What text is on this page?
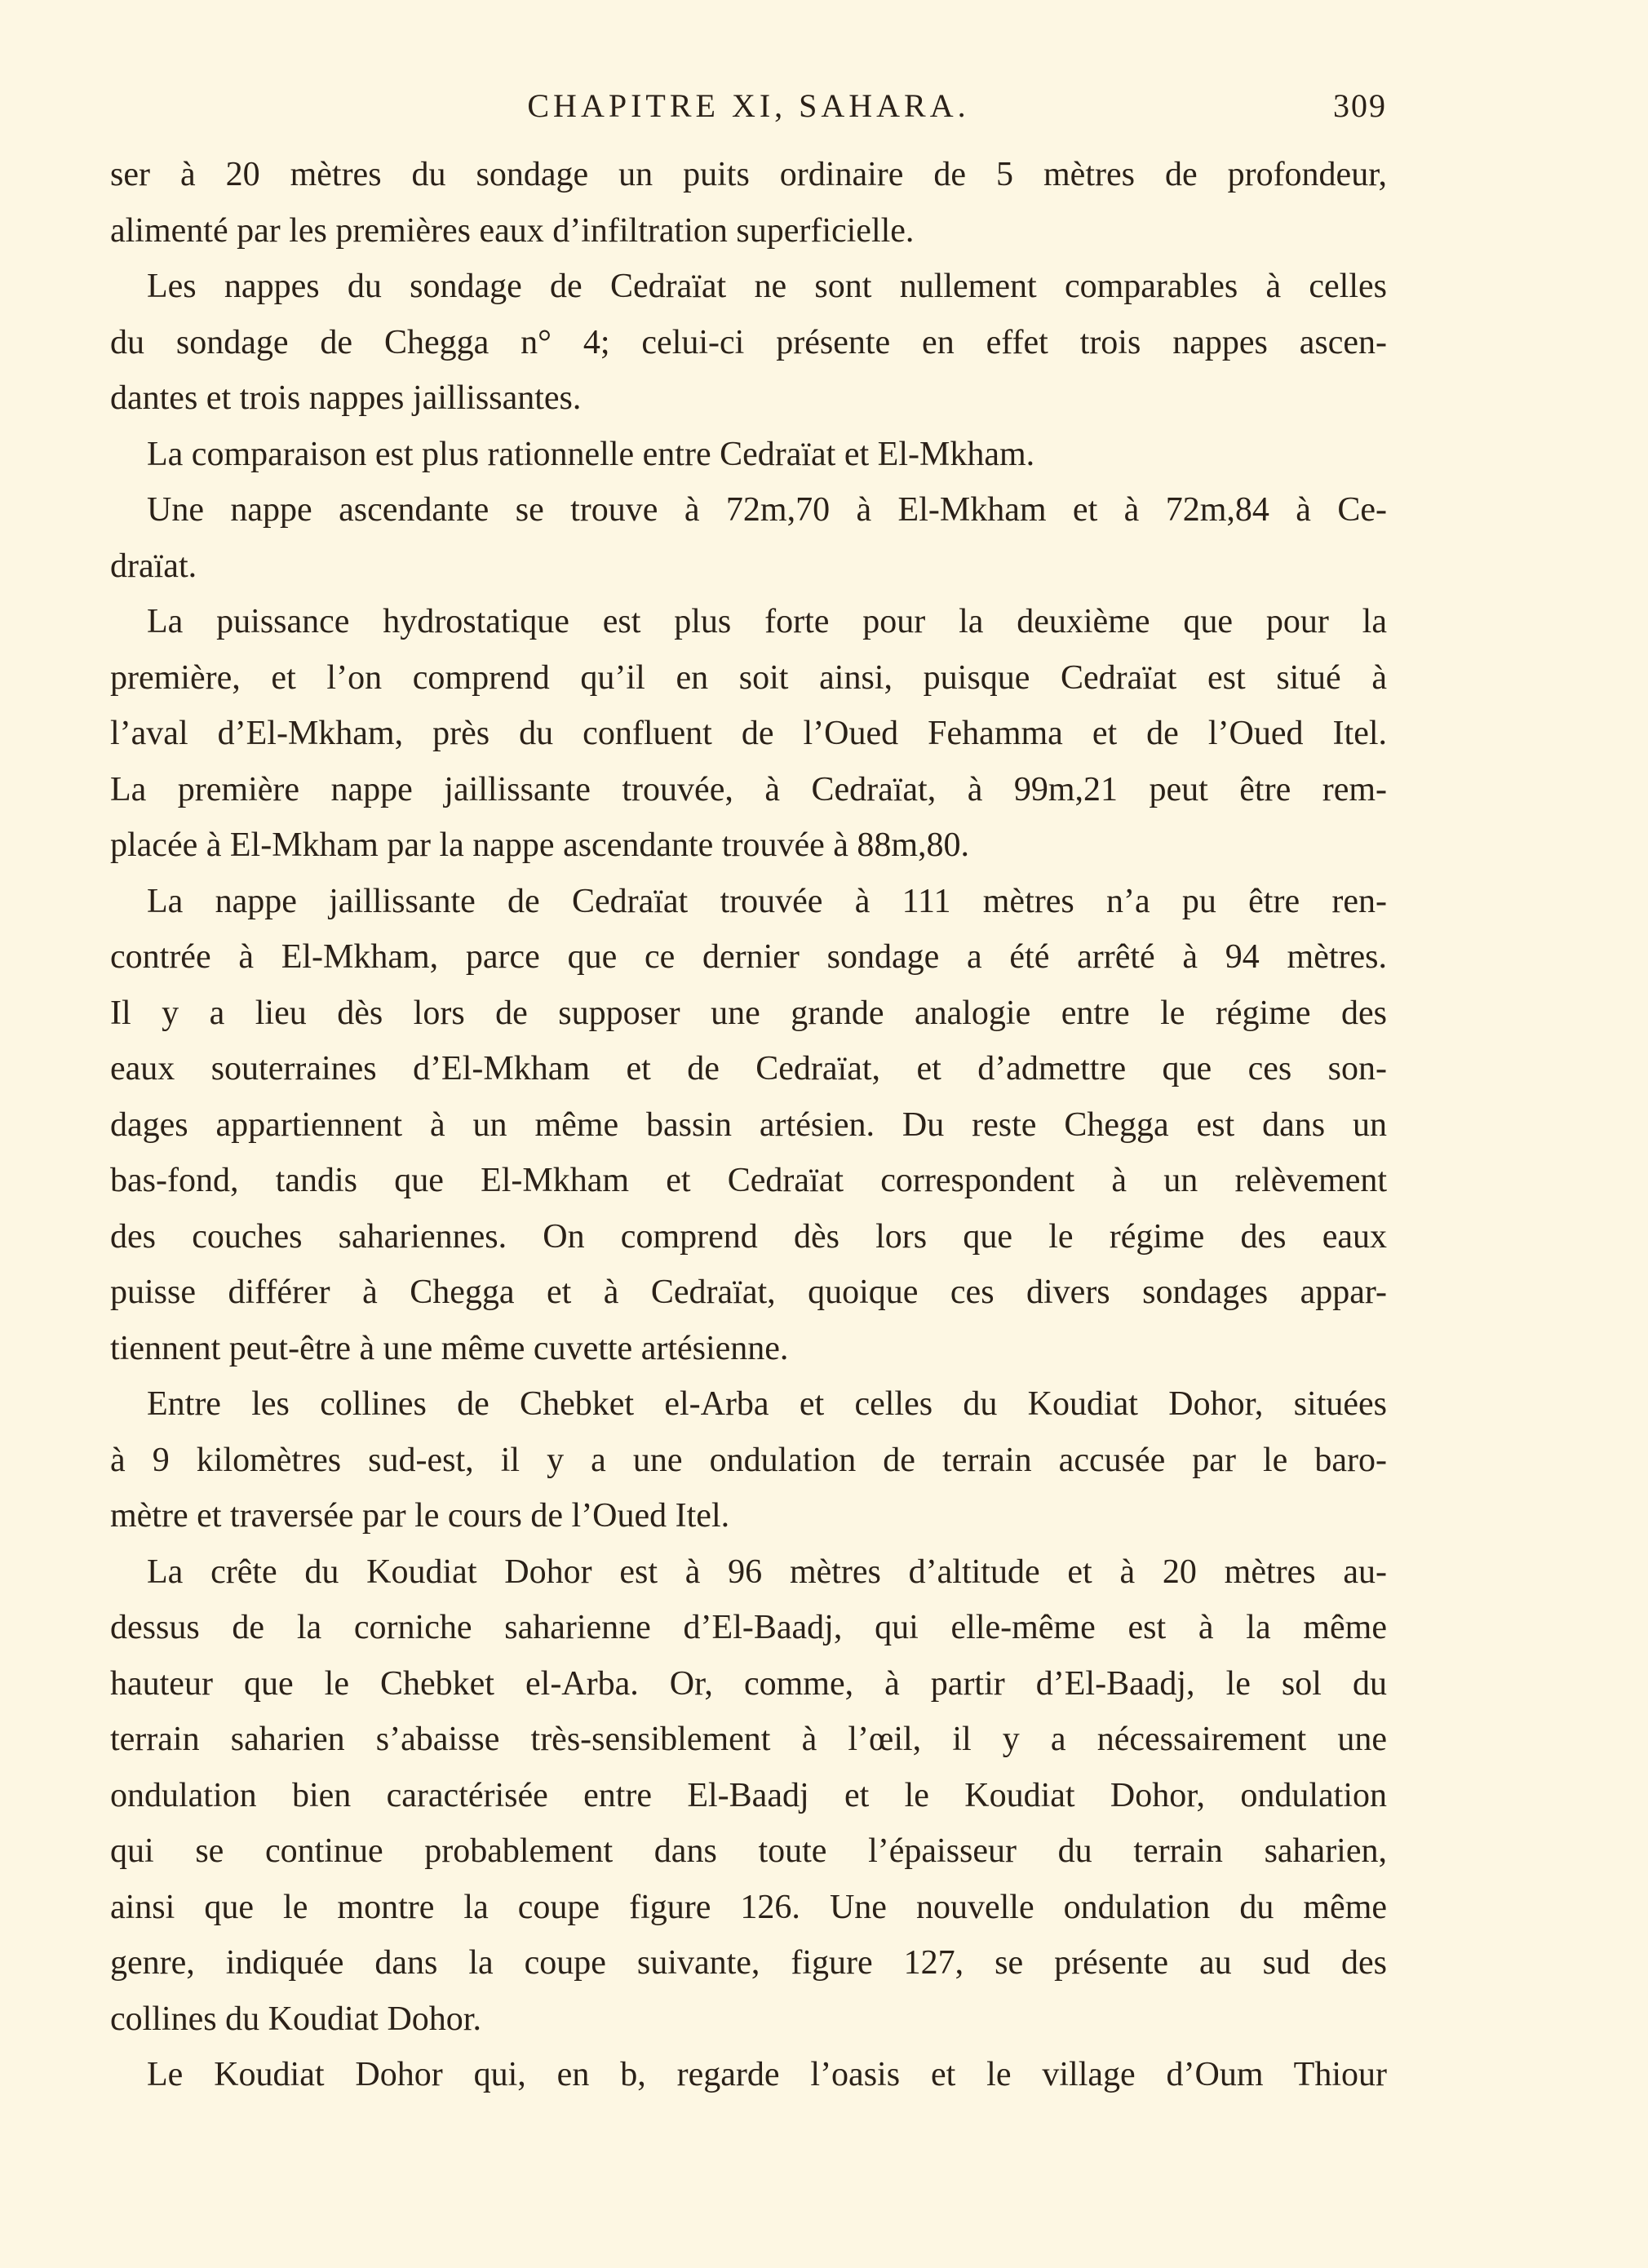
CHAPITRE XI, SAHARA.	309
ser à 20 mètres du sondage un puits ordinaire de 5 mètres de profondeur,
alimenté par les premières eaux d’infiltration superficielle.
Les nappes du sondage de Cedraïat ne sont nullement comparables à celles
du sondage de Chegga n° 4; celui-ci présente en effet trois nappes ascen-
dantes et trois nappes jaillissantes.
La comparaison est plus rationnelle entre Cedraïat et El-Mkham.
Une nappe ascendante se trouve à 72m,70 à El-Mkham et à 72m,84 à Ce-
draïat.
La puissance hydrostatique est plus forte pour la deuxième que pour la
première, et l’on comprend qu’il en soit ainsi, puisque Cedraïat est situé à
l’aval d’El-Mkham, près du confluent de l’Oued Fehamma et de l’Oued Itel.
La première nappe jaillissante trouvée, à Cedraïat, à 99m,21 peut être rem-
placée à El-Mkham par la nappe ascendante trouvée à 88m,80.
La nappe jaillissante de Cedraïat trouvée à 111 mètres n’a pu être ren-
contrée à El-Mkham, parce que ce dernier sondage a été arrêté à 94 mètres.
Il y a lieu dès lors de supposer une grande analogie entre le régime des
eaux souterraines d’El-Mkham et de Cedraïat, et d’admettre que ces son-
dages appartiennent à un même bassin artésien. Du reste Chegga est dans un
bas-fond, tandis que El-Mkham et Cedraïat correspondent à un relèvement
des couches sahariennes. On comprend dès lors que le régime des eaux
puisse différer à Chegga et à Cedraïat, quoique ces divers sondages appar-
tiennent peut-être à une même cuvette artésienne.
Entre les collines de Chebket el-Arba et celles du Koudiat Dohor, situées
à 9 kilomètres sud-est, il y a une ondulation de terrain accusée par le baro-
mètre et traversée par le cours de l’Oued Itel.
La crête du Koudiat Dohor est à 96 mètres d’altitude et à 20 mètres au-
dessus de la corniche saharienne d’El-Baadj, qui elle-même est à la même
hauteur que le Chebket el-Arba. Or, comme, à partir d’El-Baadj, le sol du
terrain saharien s’abaisse très-sensiblement à l’œil, il y a nécessairement une
ondulation bien caractérisée entre El-Baadj et le Koudiat Dohor, ondulation
qui se continue probablement dans toute l’épaisseur du terrain saharien,
ainsi que le montre la coupe figure 126. Une nouvelle ondulation du même
genre, indiquée dans la coupe suivante, figure 127, se présente au sud des
collines du Koudiat Dohor.
Le Koudiat Dohor qui, en b, regarde l’oasis et le village d’Oum Thiour
